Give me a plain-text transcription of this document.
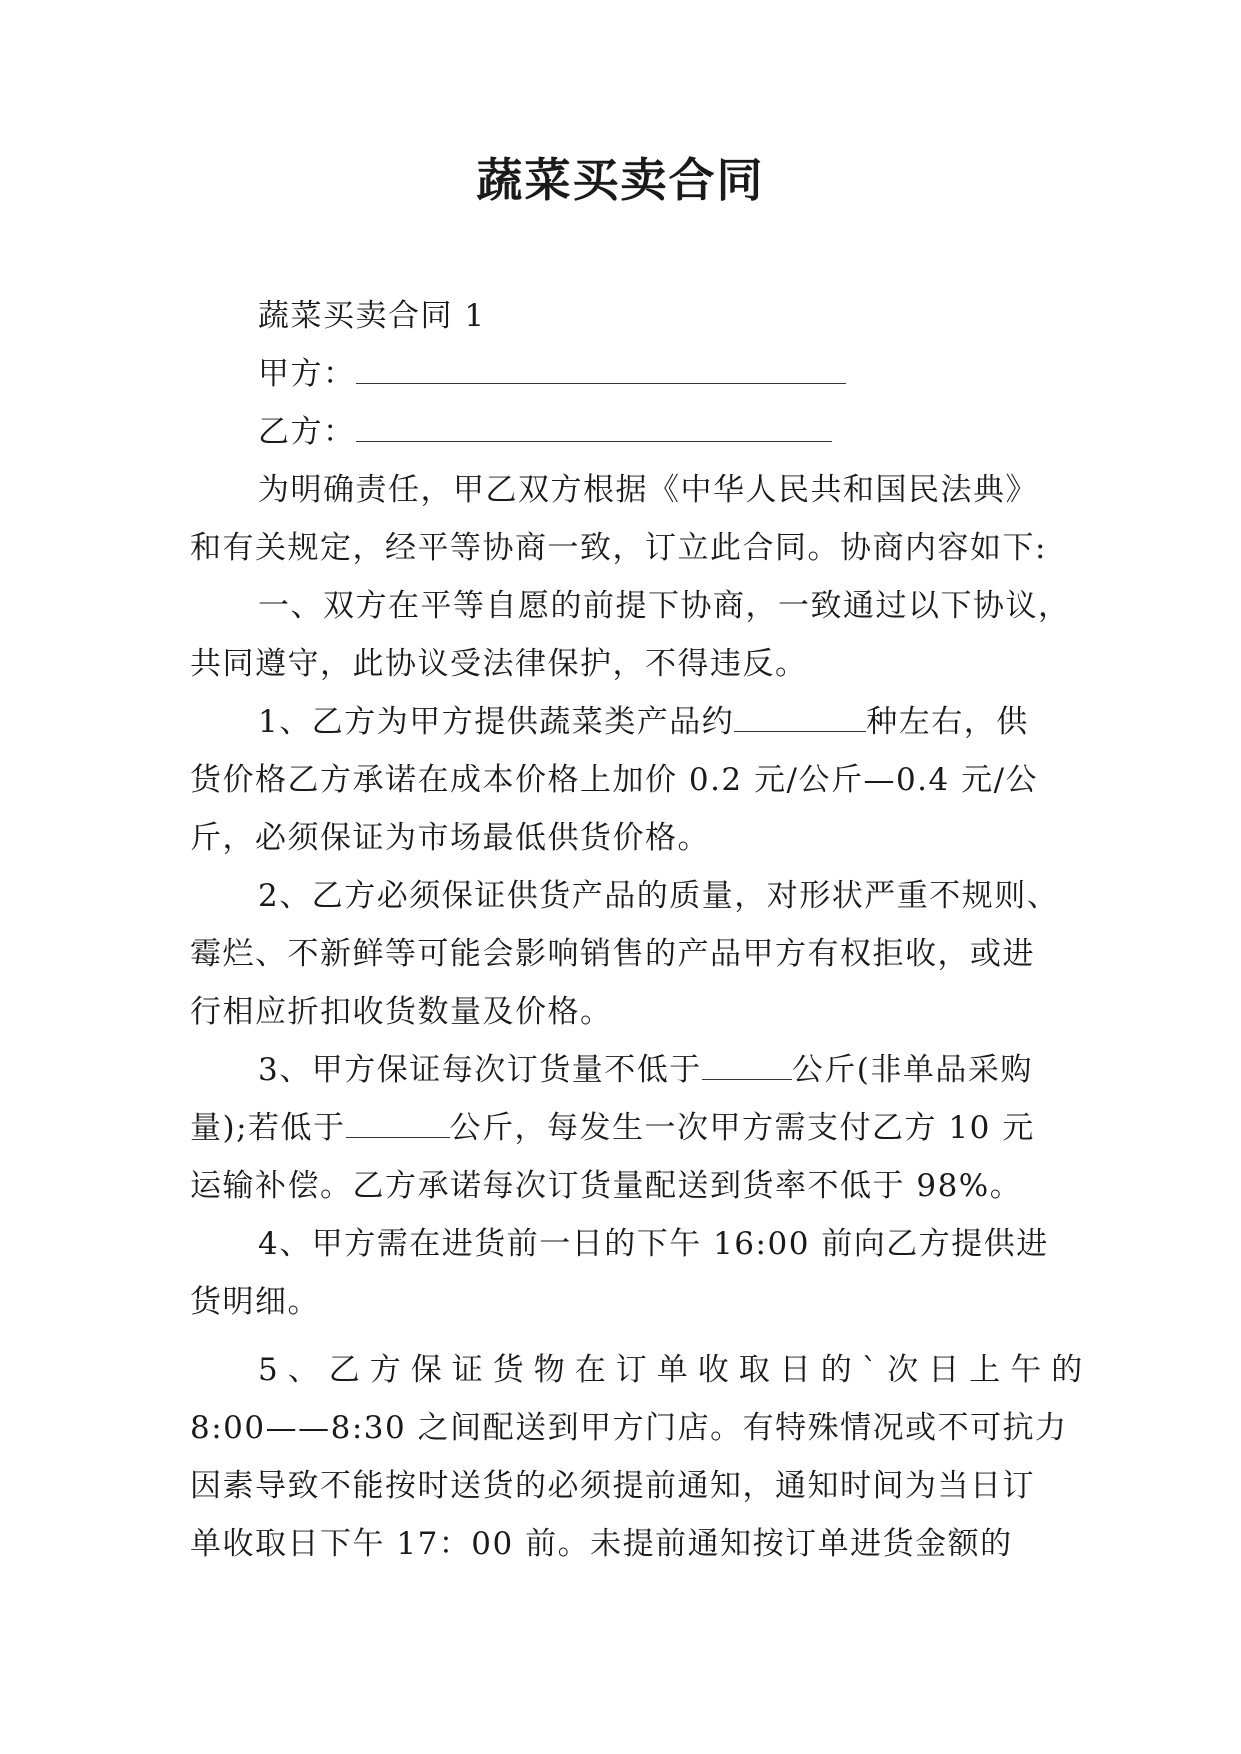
蔬菜买卖合同
蔬菜买卖合同 1
甲方：
乙方：
为明确责任，甲乙双方根据《中华人民共和国民法典》
和有关规定，经平等协商一致，订立此合同。协商内容如下:
一、双方在平等自愿的前提下协商，一致通过以下协议，
共同遵守，此协议受法律保护，不得违反。
1、乙方为甲方提供蔬菜类产品约	种左右，供
货价格乙方承诺在成本价格上加价 0.2 元/公斤—0.4 元/公
斤，必须保证为市场最低供货价格。
2、乙方必须保证供货产品的质量，对形状严重不规则、
霉烂、不新鲜等可能会影响销售的产品甲方有权拒收，或进
行相应折扣收货数量及价格。
3、甲方保证每次订货量不低于	公斤(非单品采购
量);若低于	公斤，每发生一次甲方需支付乙方 10 元
运输补偿。乙方承诺每次订货量配送到货率不低于 98%。
4、甲方需在进货前一日的下午 16:00 前向乙方提供进
货明细。
5、乙方保证货物在订单收取日的`次日上午的
8:00——8:30 之间配送到甲方门店。有特殊情况或不可抗力
因素导致不能按时送货的必须提前通知，通知时间为当日订
单收取日下午 17：00 前。未提前通知按订单进货金额的
